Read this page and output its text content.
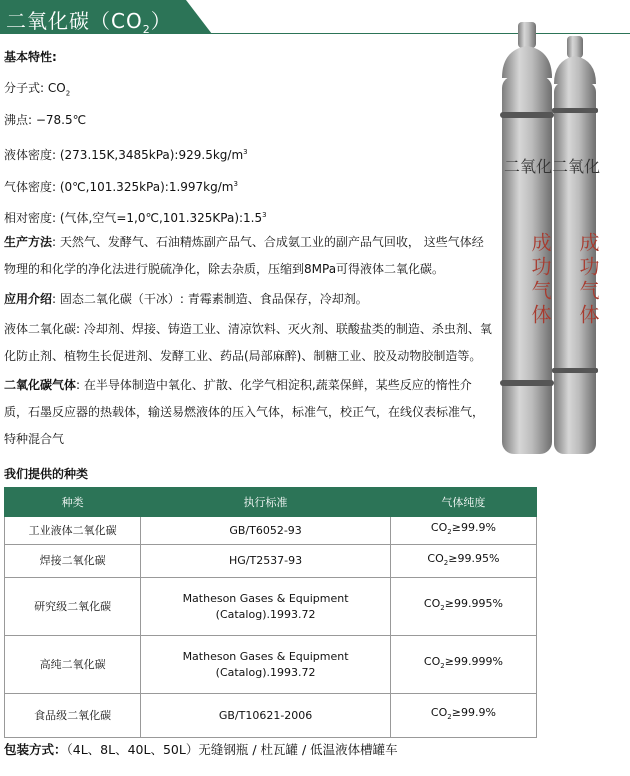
二氧化碳$(CO_2)$
基本特性:
分子式: $CO_2$
沸点: −78.5℃
液体密度: $(273.15K,3485kPa):929.5kg/m^3$
气体密度: $(0℃,101.325kPa):1.997kg/m^3$
相对密度: (气体,空气$=1,0℃,101.325KPa):1.5^3$
生产方法: 天然气、发酵气、石油精炼副产品气、合成氨工业的副产品气回收， 这些气体经物理的和化学的净化法进行脱硫净化，除去杂质，压缩到8MPa可得液体二氧化碳。
应用介绍: 固态二氧化碳（干冰）: 青霉素制造、食品保存，冷却剂。
液体二氧化碳: 冷却剂、焊接、铸造工业、清凉饮料、灭火剂、联酸盐类的制造、杀虫剂、氧化防止剂、植物生长促进剂、发酵工业、药品(局部麻醉)、制糖工业、胶及动物胶制造等。
二氧化碳气体: 在半导体制造中氧化、扩散、化学气相淀积,蔬菜保鲜，某些反应的惰性介质，石墨反应器的热载体，输送易燃液体的压入气体，标准气，校正气，在线仪表标准气，特种混合气
二氧化 二氧化
成功气体 成功气体
我们提供的种类
种类	执行标准	气体纯度
工业液体二氧化碳	GB/T6052-93	$CO_2\ge 99.9\%$
焊接二氧化碳	HG/T2537-93	$CO_2\ge 99.95\%$
研究级二氧化碳	Matheson Gases & Equipment (Catalog).1993.72	$CO_2\ge 99.995\%$
高纯二氧化碳	Matheson Gases & Equipment (Catalog).1993.72	$CO_2\ge 99.999\%$
食品级二氧化碳	GB/T10621-2006	$CO_2\ge 99.9\%$
包装方式：（4L、8L、40L、50L）无缝钢瓶 / 杜瓦罐 / 低温液体槽罐车
